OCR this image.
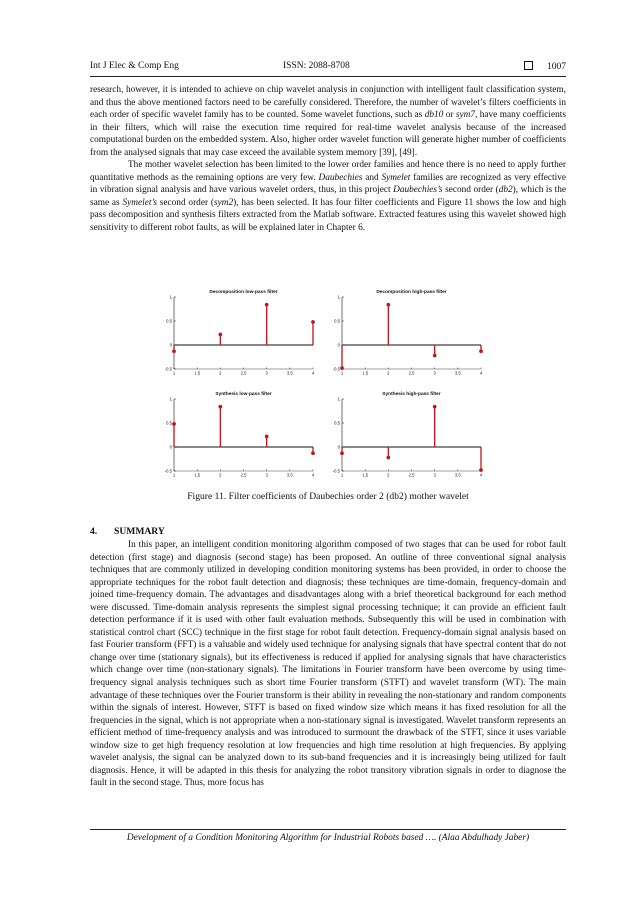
Int J Elec & Comp Eng	ISSN: 2088-8708	1007

research, however, it is intended to achieve on chip wavelet analysis in conjunction with intelligent fault classification system, and thus the above mentioned factors need to be carefully considered. Therefore, the number of wavelet’s filters coefficients in each order of specific wavelet family has to be counted. Some wavelet functions, such as db10 or sym7, have many coefficients in their filters, which will raise the execution time required for real-time wavelet analysis because of the increased computational burden on the embedded system. Also, higher order wavelet function will generate higher number of coefficients from the analysed signals that may case exceed the available system memory [39], [49].

The mother wavelet selection has been limited to the lower order families and hence there is no need to apply further quantitative methods as the remaining options are very few. Daubechies and Symelet families are recognized as very effective in vibration signal analysis and have various wavelet orders, thus, in this project Daubechies’s second order (db2), which is the same as Symelet’s second order (sym2), has been selected. It has four filter coefficients and Figure 11 shows the low and high pass decomposition and synthesis filters extracted from the Matlab software. Extracted features using this wavelet showed high sensitivity to different robot faults, as will be explained later in Chapter 6.

Decomposition low-pass filter
-0.5
0
0.5
1
1	1.5	2	2.5	3	3.5	4
Decomposition high-pass filter
-0.5
0
0.5
1
1	1.5	2	2.5	3	3.5	4
Synthesis low-pass filter
-0.5
0
0.5
1
1	1.5	2	2.5	3	3.5	4
Synthesis high-pass filter
-0.5
0
0.5
1
1	1.5	2	2.5	3	3.5	4
Figure 11. Filter coefficients of Daubechies order 2 (db2) mother wavelet
4. SUMMARY

In this paper, an intelligent condition monitoring algorithm composed of two stages that can be used for robot fault detection (first stage) and diagnosis (second stage) has been proposed. An outline of three conventional signal analysis techniques that are commonly utilized in developing condition monitoring systems has been provided, in order to choose the appropriate techniques for the robot fault detection and diagnosis; these techniques are time-domain, frequency-domain and joined time-frequency domain. The advantages and disadvantages along with a brief theoretical background for each method were discussed. Time-domain analysis represents the simplest signal processing technique; it can provide an efficient fault detection performance if it is used with other fault evaluation methods. Subsequently this will be used in combination with statistical control chart (SCC) technique in the first stage for robot fault detection. Frequency-domain signal analysis based on fast Fourier transform (FFT) is a valuable and widely used technique for analysing signals that have spectral content that do not change over time (stationary signals), but its effectiveness is reduced if applied for analysing signals that have characteristics which change over time (non-stationary signals). The limitations in Fourier transform have been overcome by using time-frequency signal analysis techniques such as short time Fourier transform (STFT) and wavelet transform (WT). The main advantage of these techniques over the Fourier transform is their ability in revealing the non-stationary and random components within the signals of interest. However, STFT is based on fixed window size which means it has fixed resolution for all the frequencies in the signal, which is not appropriate when a non-stationary signal is investigated. Wavelet transform represents an efficient method of time-frequency analysis and was introduced to surmount the drawback of the STFT, since it uses variable window size to get high frequency resolution at low frequencies and high time resolution at high frequencies. By applying wavelet analysis, the signal can be analyzed down to its sub-band frequencies and it is increasingly being utilized for fault diagnosis. Hence, it will be adapted in this thesis for analyzing the robot transitory vibration signals in order to diagnose the fault in the second stage. Thus, more focus has

Development of a Condition Monitoring Algorithm for Industrial Robots based …. (Alaa Abdulhady Jaber)
